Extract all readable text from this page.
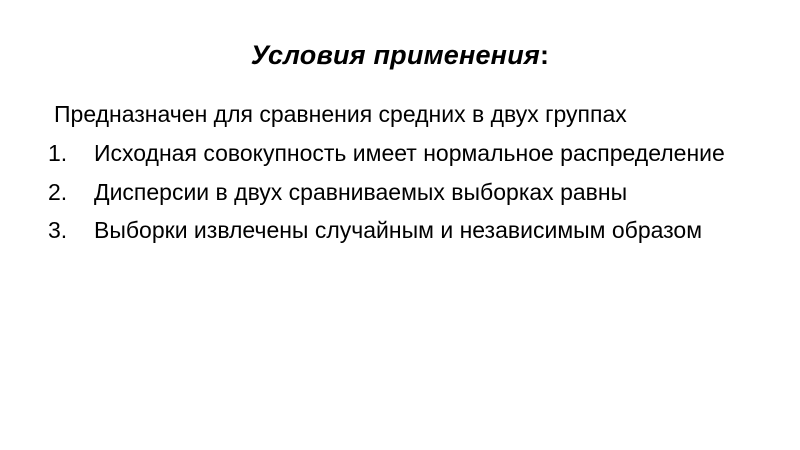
Условия применения:

Предназначен для сравнения средних в двух группах

1.	Исходная совокупность имеет нормальное распределение
2.	Дисперсии в двух сравниваемых выборках равны
3.	Выборки извлечены случайным и независимым образом
